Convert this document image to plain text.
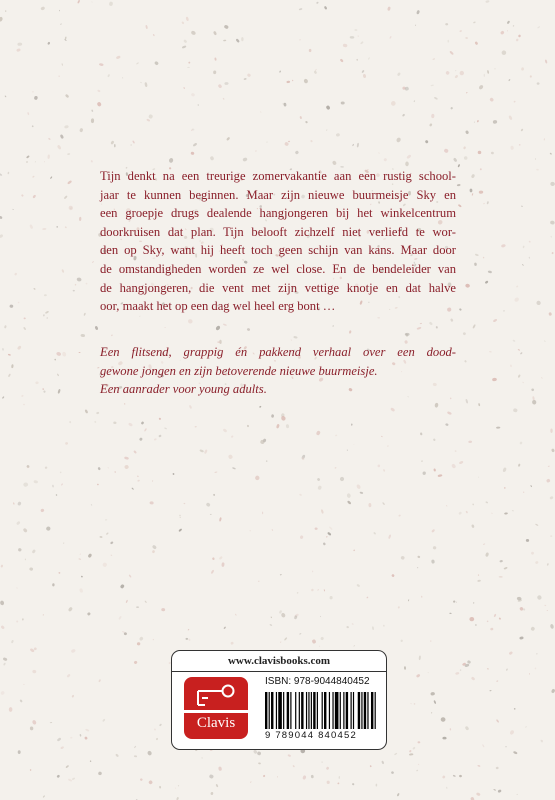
Tijn denkt na een treurige zomervakantie aan een rustig school-
jaar te kunnen beginnen. Maar zijn nieuwe buurmeisje Sky en
een groepje drugs dealende hangjongeren bij het winkelcentrum
doorkruisen dat plan. Tijn belooft zichzelf niet verliefd te wor-
den op Sky, want hij heeft toch geen schijn van kans. Maar door
de omstandigheden worden ze wel close. En de bendeleider van
de hangjongeren, die vent met zijn vettige knotje en dat halve
oor, maakt het op een dag wel heel erg bont …
Een flitsend, grappig én pakkend verhaal over een dood-
gewone jongen en zijn betoverende nieuwe buurmeisje.
Een aanrader voor young adults.
www.clavisbooks.com
Clavis
ISBN: 978-9044840452
9 789044 840452
